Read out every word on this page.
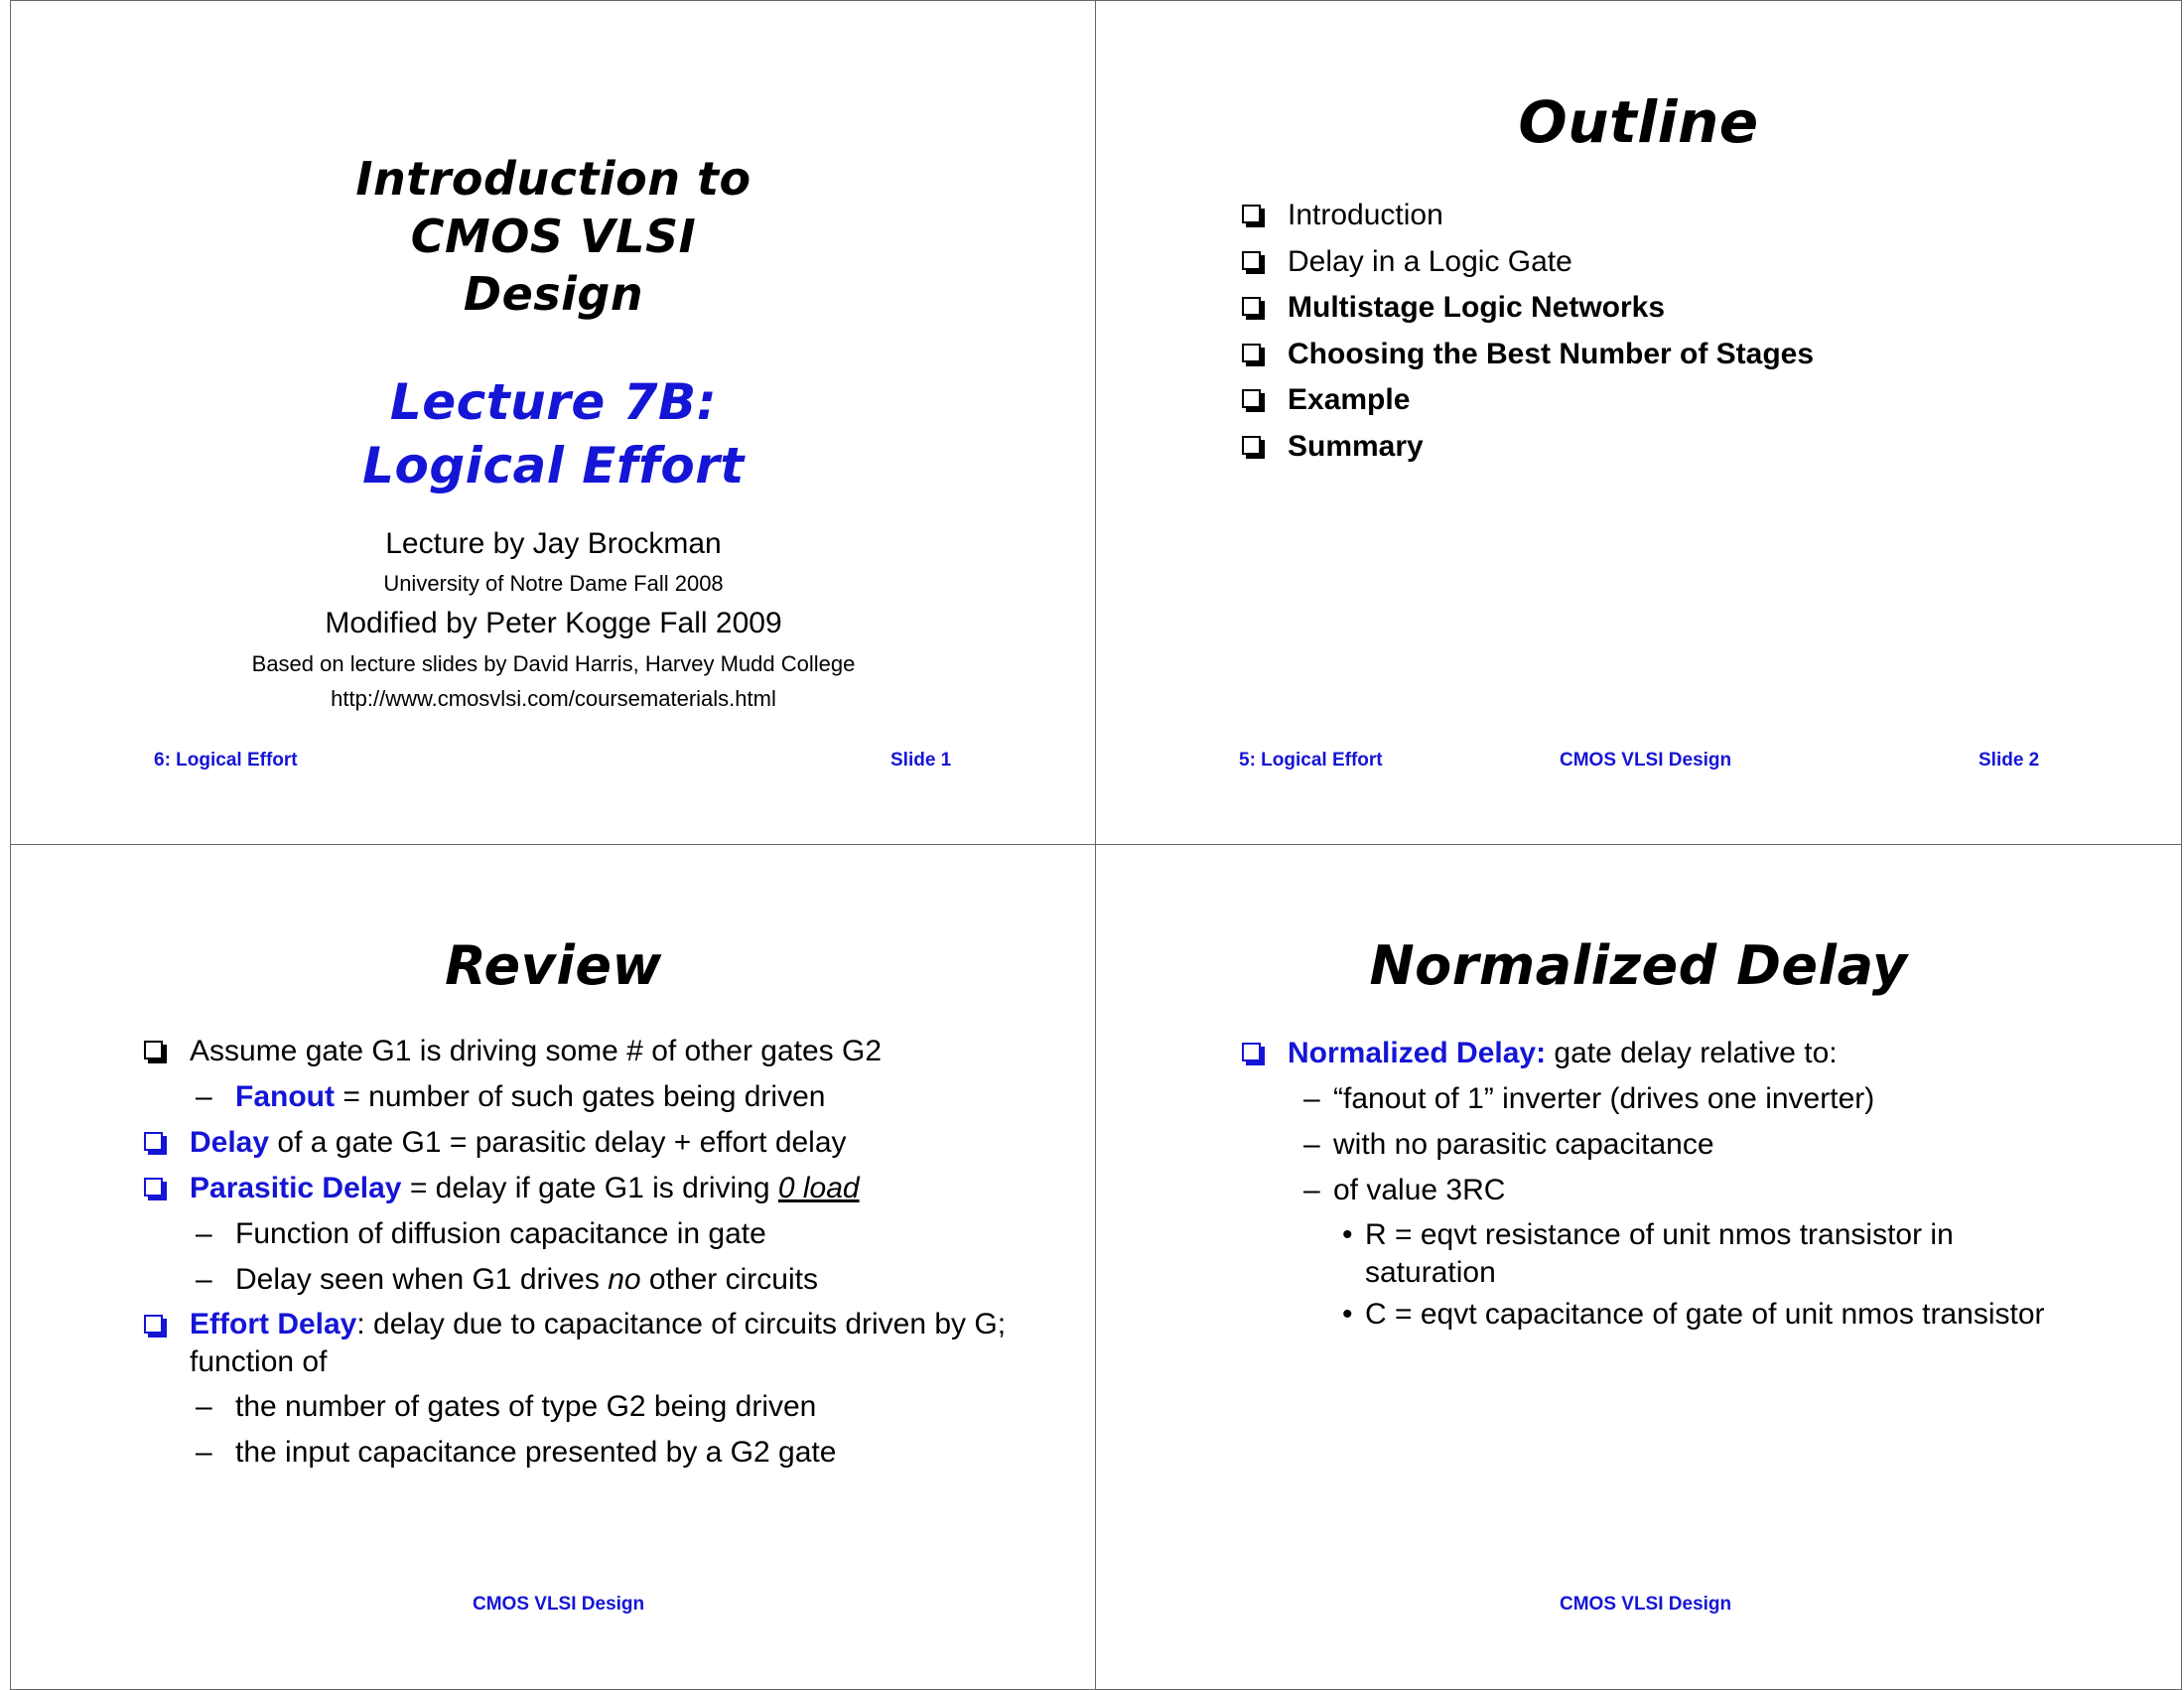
Introduction to
CMOS VLSI
Design
Lecture 7B:
Logical Effort
Lecture by Jay Brockman
University of Notre Dame Fall 2008
Modified by Peter Kogge Fall 2009
Based on lecture slides by David Harris, Harvey Mudd College
http://www.cmosvlsi.com/coursematerials.html
6: Logical Effort	Slide 1
Outline
Introduction
Delay in a Logic Gate
Multistage Logic Networks
Choosing the Best Number of Stages
Example
Summary
5: Logical Effort	CMOS VLSI Design	Slide 2
Review
Assume gate G1 is driving some # of other gates G2
– Fanout = number of such gates being driven
Delay of a gate G1 = parasitic delay + effort delay
Parasitic Delay = delay if gate G1 is driving 0 load
– Function of diffusion capacitance in gate
– Delay seen when G1 drives no other circuits
Effort Delay: delay due to capacitance of circuits driven by G; function of
– the number of gates of type G2 being driven
– the input capacitance presented by a G2 gate
CMOS VLSI Design
Normalized Delay
Normalized Delay: gate delay relative to:
– “fanout of 1” inverter (drives one inverter)
– with no parasitic capacitance
– of value 3RC
• R = eqvt resistance of unit nmos transistor in saturation
• C = eqvt capacitance of gate of unit nmos transistor
CMOS VLSI Design
